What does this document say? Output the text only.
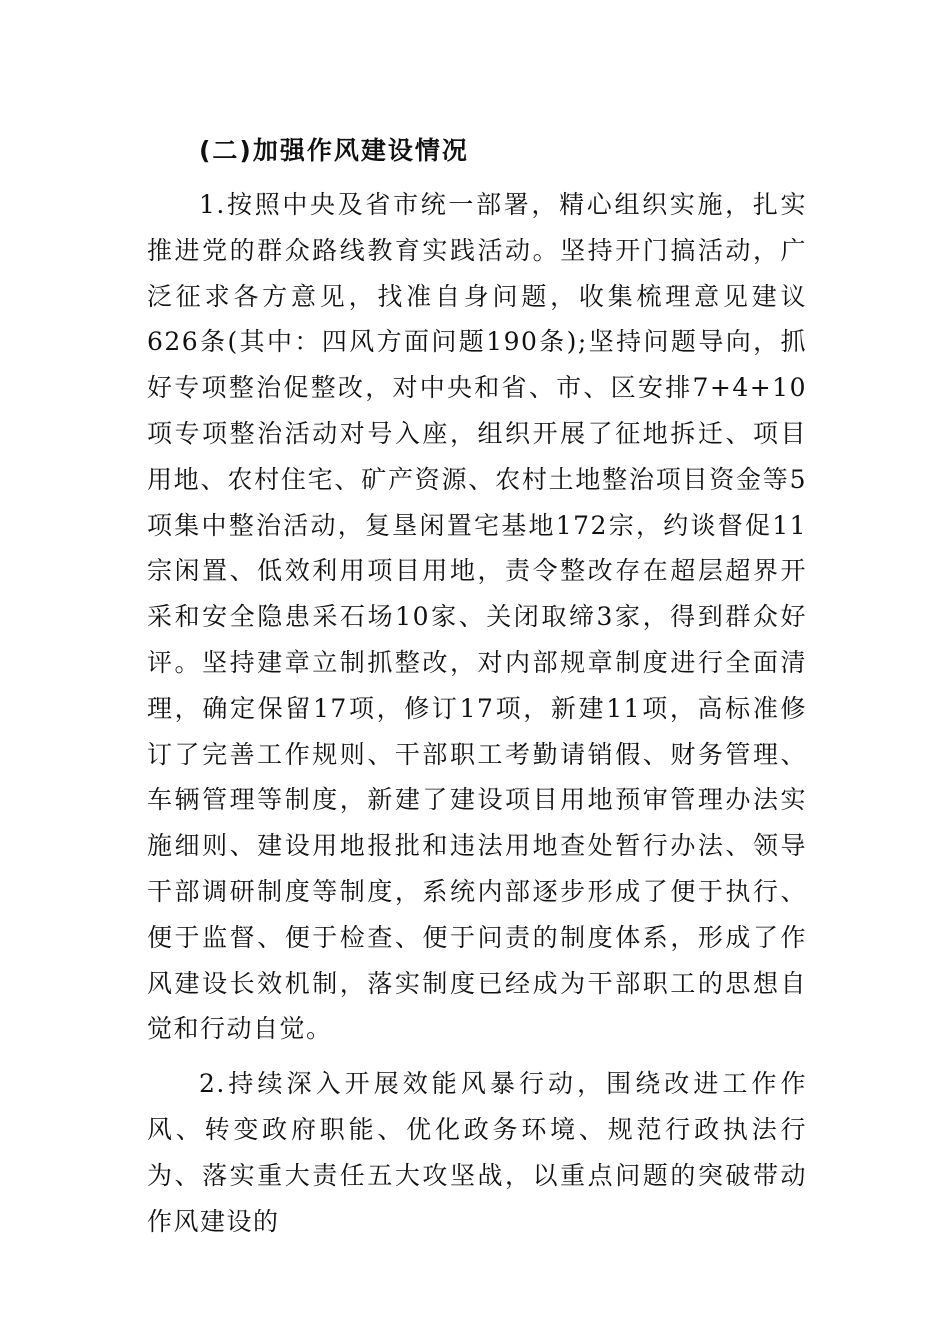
(二)加强作风建设情况
1.按照中央及省市统一部署，精心组织实施，扎实推进党的群众路线教育实践活动。坚持开门搞活动，广泛征求各方意见，找准自身问题，收集梳理意见建议626条(其中：四风方面问题190条);坚持问题导向，抓好专项整治促整改，对中央和省、市、区安排7+4+10项专项整治活动对号入座，组织开展了征地拆迁、项目用地、农村住宅、矿产资源、农村土地整治项目资金等5项集中整治活动，复垦闲置宅基地172宗，约谈督促11宗闲置、低效利用项目用地，责令整改存在超层超界开采和安全隐患采石场10家、关闭取缔3家，得到群众好评。坚持建章立制抓整改，对内部规章制度进行全面清理，确定保留17项，修订17项，新建11项，高标准修订了完善工作规则、干部职工考勤请销假、财务管理、车辆管理等制度，新建了建设项目用地预审管理办法实施细则、建设用地报批和违法用地查处暂行办法、领导干部调研制度等制度，系统内部逐步形成了便于执行、便于监督、便于检查、便于问责的制度体系，形成了作风建设长效机制，落实制度已经成为干部职工的思想自觉和行动自觉。
2.持续深入开展效能风暴行动，围绕改进工作作风、转变政府职能、优化政务环境、规范行政执法行为、落实重大责任五大攻坚战，以重点问题的突破带动作风建设的
